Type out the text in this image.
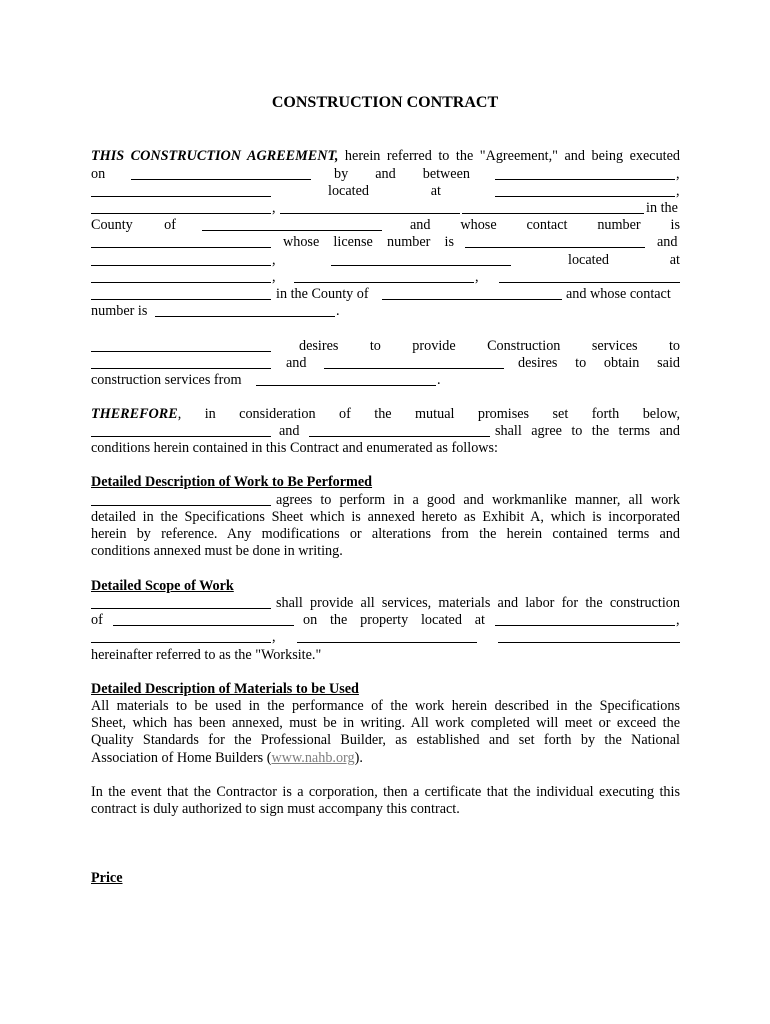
CONSTRUCTION CONTRACT
THIS CONSTRUCTION AGREEMENT, herein referred to the "Agreement," and being executed
on	by and between	,
located at	,
,	in the
County of	and whose contact number is
whose license number is	and
,	located at
,	,
in the County of	and whose contact
number is	.
desires to provide Construction services to
and	desires to obtain said
construction services from	.
THEREFORE, in consideration of the mutual promises set forth below,
and	shall agree to the terms and
conditions herein contained in this Contract and enumerated as follows:
Detailed Description of Work to Be Performed
agrees to perform in a good and workmanlike manner, all work
detailed in the Specifications Sheet which is annexed hereto as Exhibit A, which is incorporated
herein by reference. Any modifications or alterations from the herein contained terms and
conditions annexed must be done in writing.
Detailed Scope of Work
shall provide all services, materials and labor for the construction
of	on the property located at	,
,
hereinafter referred to as the "Worksite."
Detailed Description of Materials to be Used
All materials to be used in the performance of the work herein described in the Specifications
Sheet, which has been annexed, must be in writing. All work completed will meet or exceed the
Quality Standards for the Professional Builder, as established and set forth by the National
Association of Home Builders (www.nahb.org).
In the event that the Contractor is a corporation, then a certificate that the individual executing this
contract is duly authorized to sign must accompany this contract.
Price
